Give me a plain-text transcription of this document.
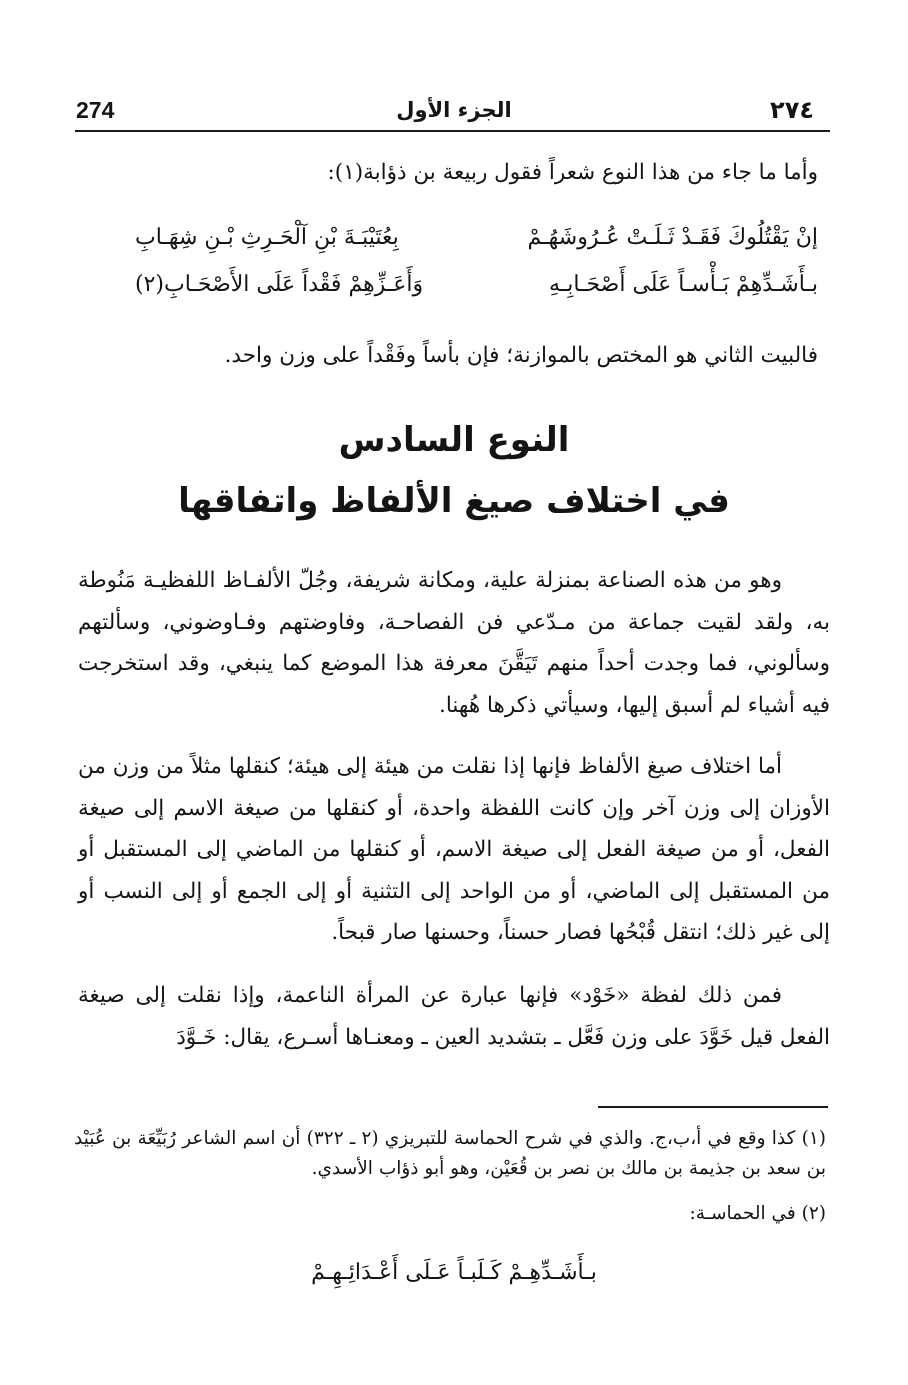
274	الجزء الأول	٢٧٤
وأما ما جاء من هذا النوع شعراً فقول ربيعة بن ذؤابة(١):
إنْ يَقْتُلُوكَ فَقَـدْ ثَـلَـتْ عُـرُوشَهُـمْ
بِعُتَيْبَـةَ بْنِ آلْحَـرِثِ بْـنِ شِهَـابِ
بـأَشَـدِّهِمْ بَـأْسـاً عَلَى أَصْحَـابِـهِ
وَأَعَـزِّهِمْ فَقْداً عَلَى الأَصْحَـابِ(٢)
فالبيت الثاني هو المختص بالموازنة؛ فإن بأساً وفَقْداً على وزن واحد.
النوع السادس
في اختلاف صيغ الألفاظ واتفاقها
وهو من هذه الصناعة بمنزلة علية، ومكانة شريفة، وجُلّ الألفـاظ اللفظيـة مَنُوطة به، ولقد لقيت جماعة من مـدّعي فن الفصاحـة، وفاوضتهم وفـاوضوني، وسألتهم وسألوني، فما وجدت أحداً منهم تَيَقَّنَ معرفة هذا الموضع كما ينبغي، وقد استخرجت فيه أشياء لم أسبق إليها، وسيأتي ذكرها هُهنا.
أما اختلاف صيغ الألفاظ فإنها إذا نقلت من هيئة إلى هيئة؛ كنقلها مثلاً من وزن من الأوزان إلى وزن آخر وإن كانت اللفظة واحدة، أو كنقلها من صيغة الاسم إلى صيغة الفعل، أو من صيغة الفعل إلى صيغة الاسم، أو كنقلها من الماضي إلى المستقبل أو من المستقبل إلى الماضي، أو من الواحد إلى التثنية أو إلى الجمع أو إلى النسب أو إلى غير ذلك؛ انتقل قُبْحُها فصار حسناً، وحسنها صار قبحاً.
فمن ذلك لفظة «خَوْد» فإنها عبارة عن المرأة الناعمة، وإذا نقلت إلى صيغة الفعل قيل خَوَّدَ على وزن فَعَّل ـ بتشديد العين ـ ومعنـاها أسـرع، يقال: خَـوَّدَ
(١) كذا وقع في أ،ب،ج. والذي في شرح الحماسة للتبريزي (٢ ـ ٣٢٢) أن اسم الشاعر رُبَيِّعَة بن عُبَيْد بن سعد بن جذيمة بن مالك بن نصر بن قُعَيْن، وهو أبو ذؤاب الأسدي.
(٢) في الحماسـة:
بـأَشَـدِّهِـمْ كَـلَبـاً عَـلَى أَعْـدَائِـهِـمْ
